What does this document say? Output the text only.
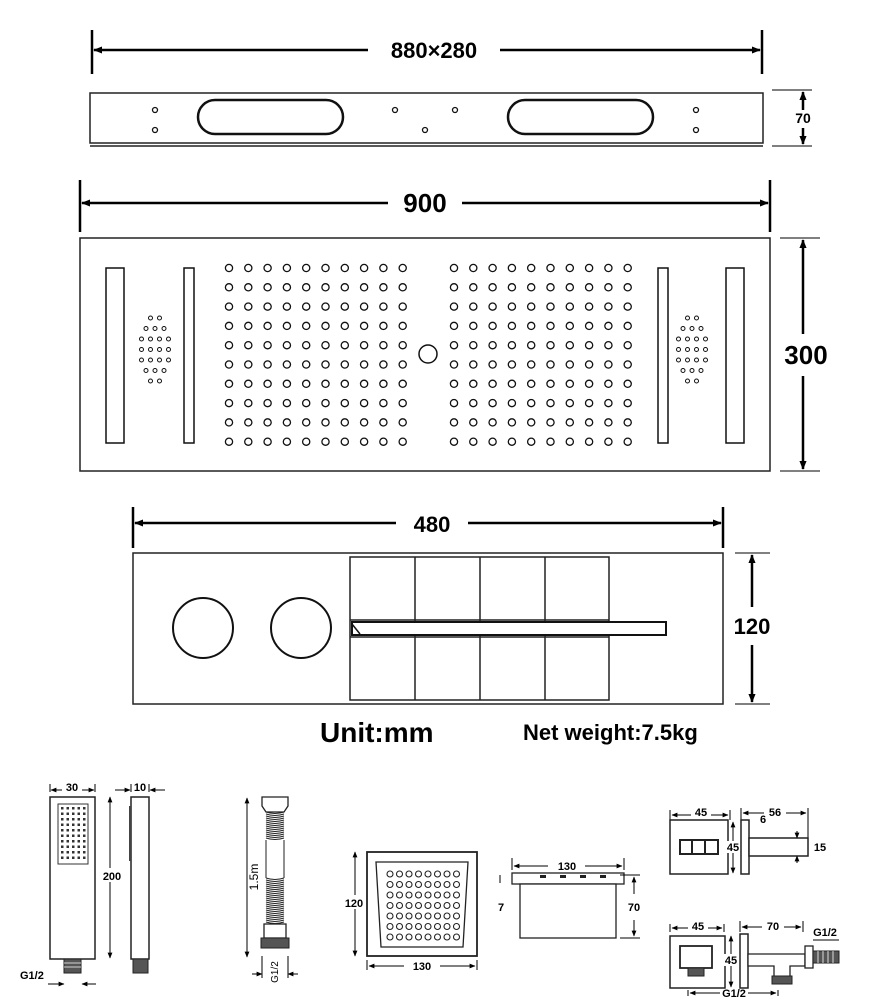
880×280
70
900
300
480
120
Unit:mm	Net weight:7.5kg
30	10
200
G1/2
1.5m
G1/2
120
130
130
7	70
45	56
6
45	15
45	70
45
G1/2
G1/2
